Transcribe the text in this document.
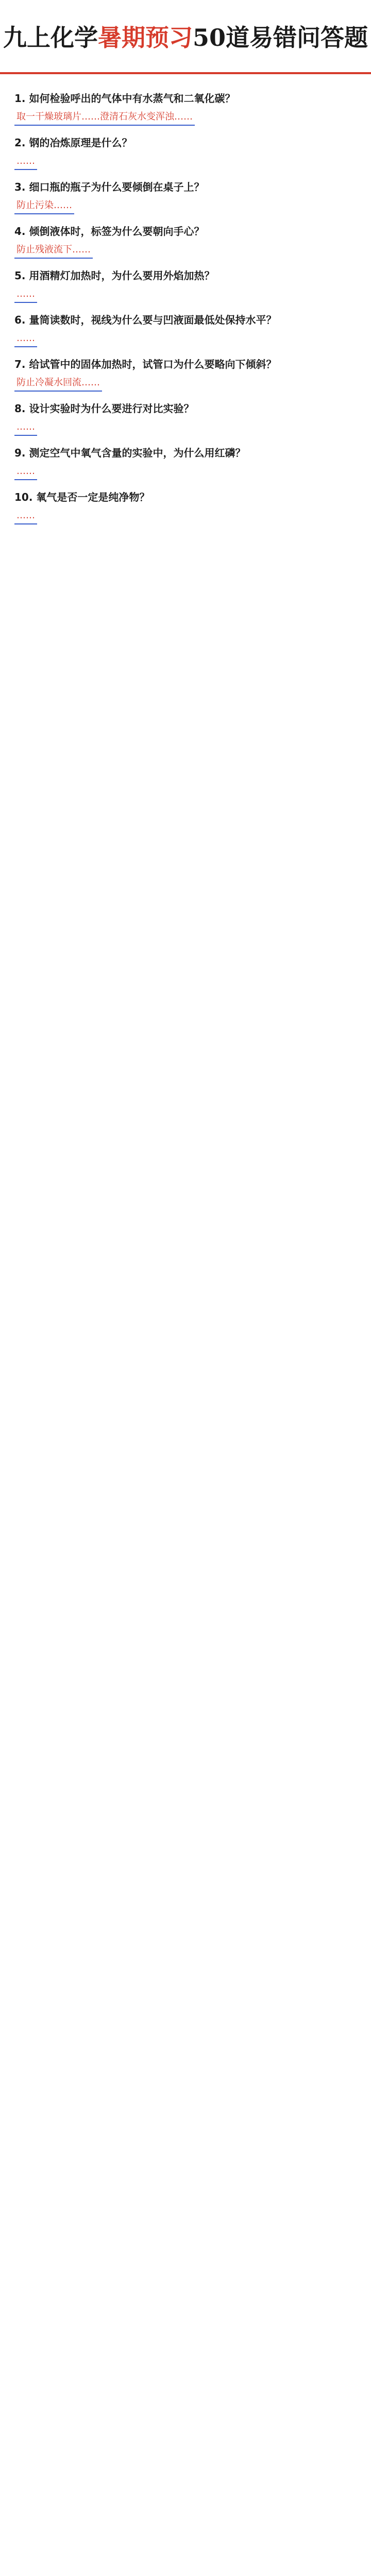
九上化学 暑期预习 50道易错问答题
1. 如何检验呼出的气体中有水蒸气和二氧化碳？
取一干燥玻璃片……澄清石灰水变浑浊……
2. 钢的冶炼原理是什么？
……
3. 细口瓶的瓶子为什么要倾倒在桌子上？
防止污染……
4. 倾倒液体时，标签为什么要朝向手心？
防止残液流下……
5. 用酒精灯加热时，为什么要用外焰加热？
……
6. 量筒读数时，视线为什么要与凹液面最低处保持水平？
……
7. 给试管中的固体加热时，试管口为什么要略向下倾斜？
防止冷凝水回流……
8. 设计实验时为什么要进行对比实验？
……
9. 测定空气中氧气含量的实验中，为什么用红磷？
……
10. 氧气是否一定是纯净物？
……
